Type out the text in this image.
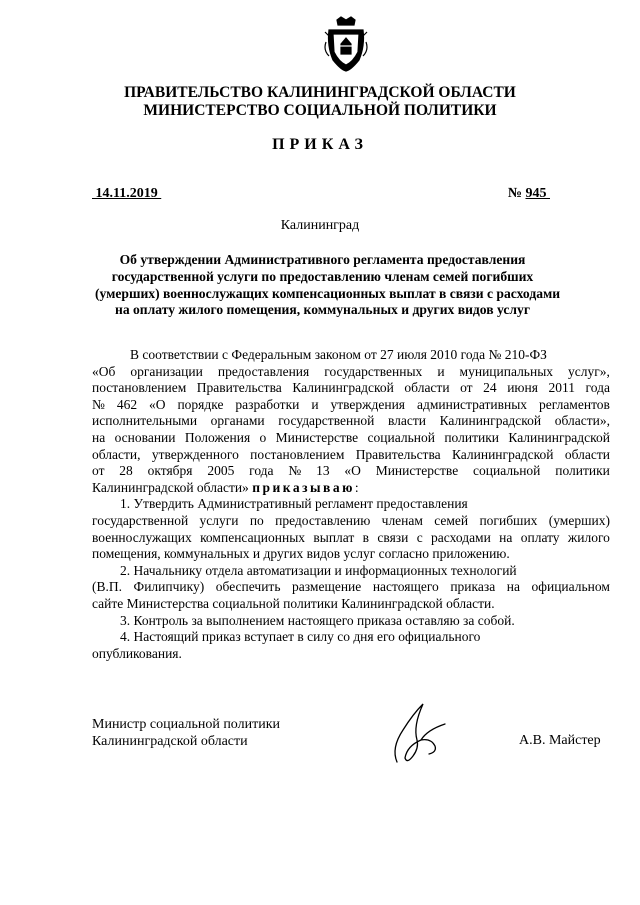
ПРАВИТЕЛЬСТВО КАЛИНИНГРАДСКОЙ ОБЛАСТИ
МИНИСТЕРСТВО СОЦИАЛЬНОЙ ПОЛИТИКИ
ПРИКАЗ
14.11.2019	№ 945
Калининград
Об утверждении Административного регламента предоставления
государственной услуги по предоставлению членам семей погибших
(умерших) военнослужащих компенсационных выплат в связи с расходами
на оплату жилого помещения, коммунальных и других видов услуг
В соответствии с Федеральным законом от 27 июля 2010 года № 210-ФЗ
«Об организации предоставления государственных и муниципальных услуг»,
постановлением Правительства Калининградской области от 24 июня 2011 года
№ 462 «О порядке разработки и утверждения административных регламентов
исполнительными органами государственной власти Калининградской области»,
на основании Положения о Министерстве социальной политики Калининградской
области, утвержденного постановлением Правительства Калининградской области
от 28 октября 2005 года № 13 «О Министерстве социальной политики
Калининградской области»
приказываю :
1. Утвердить Административный регламент предоставления
государственной услуги по предоставлению членам семей погибших (умерших)
военнослужащих компенсационных выплат в связи с расходами на оплату жилого
помещения, коммунальных и других видов услуг согласно приложению.
2. Начальнику отдела автоматизации и информационных технологий
(В.П. Филипчику) обеспечить размещение настоящего приказа на официальном
сайте Министерства социальной политики Калининградской области.
3. Контроль за выполнением настоящего приказа оставляю за собой.
4. Настоящий приказ вступает в силу со дня его официального
опубликования.
Министр социальной политики
Калининградской области	А.В. Майстер
